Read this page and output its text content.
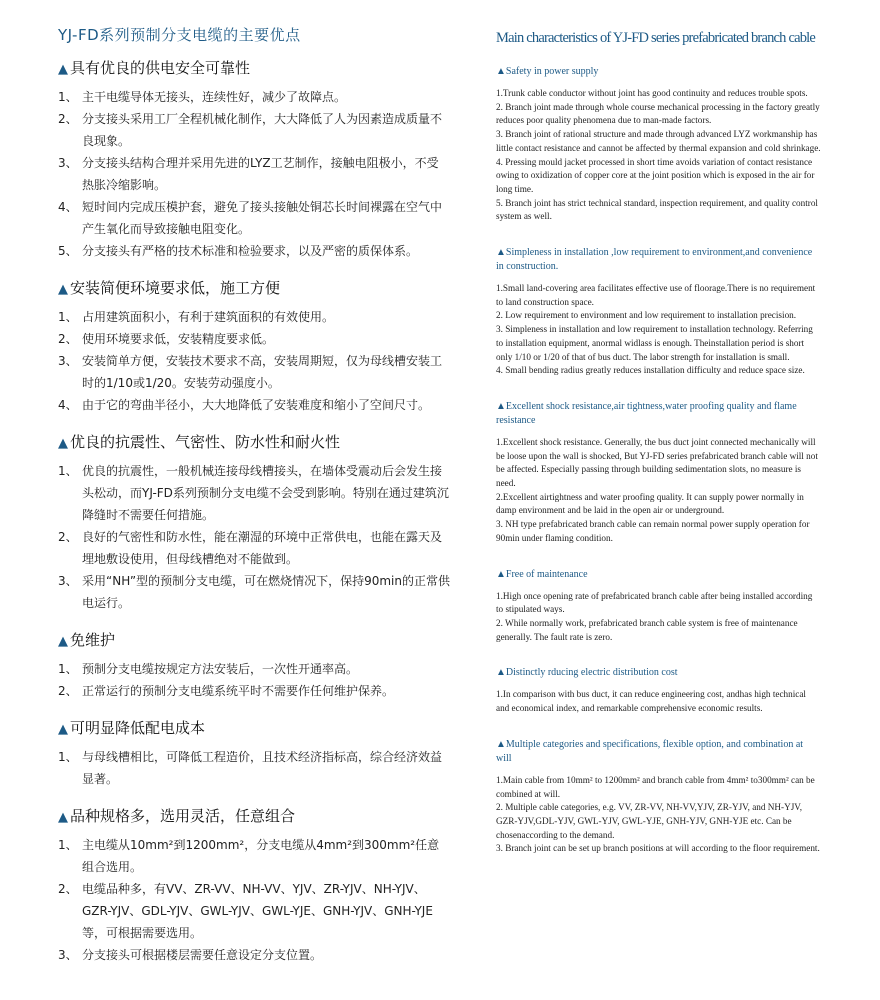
YJ-FD系列预制分支电缆的主要优点
▲ 具有优良的供电安全可靠性
1、 主干电缆导体无接头，连续性好，减少了故障点。
2、 分支接头采用工厂全程机械化制作，大大降低了人为因素造成质量不良现象。
3、 分支接头结构合理并采用先进的LYZ工艺制作，接触电阻极小，不受热胀冷缩影响。
4、 短时间内完成压模护套，避免了接头接触处铜芯长时间裸露在空气中产生氧化而导致接触电阻变化。
5、 分支接头有严格的技术标准和检验要求，以及严密的质保体系。
▲ 安装简便环境要求低，施工方便
1、 占用建筑面积小，有利于建筑面积的有效使用。
2、 使用环境要求低，安装精度要求低。
3、 安装简单方便，安装技术要求不高，安装周期短，仅为母线槽安装工时的1/10或1/20。安装劳动强度小。
4、 由于它的弯曲半径小，大大地降低了安装难度和缩小了空间尺寸。
▲ 优良的抗震性、气密性、防水性和耐火性
1、 优良的抗震性，一般机械连接母线槽接头，在墙体受震动后会发生接头松动，而YJ-FD系列预制分支电缆不会受到影响。特别在通过建筑沉降缝时不需要任何措施。
2、 良好的气密性和防水性，能在潮湿的环境中正常供电，也能在露天及埋地敷设使用，但母线槽绝对不能做到。
3、 采用“NH”型的预制分支电缆，可在燃烧情况下，保持90min的正常供电运行。
▲ 免维护
1、 预制分支电缆按规定方法安装后，一次性开通率高。
2、 正常运行的预制分支电缆系统平时不需要作任何维护保养。
▲ 可明显降低配电成本
1、 与母线槽相比，可降低工程造价，且技术经济指标高，综合经济效益显著。
▲ 品种规格多，选用灵活，任意组合
1、 主电缆从10mm²到1200mm²，分支电缆从4mm²到300mm²任意组合选用。
2、 电缆品种多，有VV、ZR-VV、NH-VV、YJV、ZR-YJV、NH-YJV、GZR-YJV、GDL-YJV、GWL-YJV、GWL-YJE、GNH-YJV、GNH-YJE等，可根据需要选用。
3、 分支接头可根据楼层需要任意设定分支位置。
Main characteristics of YJ-FD series prefabricated branch cable
▲Safety in power supply
1.Trunk cable conductor without joint has good continuity and reduces trouble spots.
2. Branch joint made through whole course mechanical processing in the factory greatly reduces poor quality phenomena due to man-made factors.
3. Branch joint of rational structure and made through advanced LYZ workmanship has little contact resistance and cannot be affected by thermal expansion and cold shrinkage.
4. Pressing mould jacket processed in short time avoids variation of contact resistance owing to oxidization of copper core at the joint position which is exposed in the air for long time.
5. Branch joint has strict technical standard, inspection requirement, and quality control system as well.
▲Simpleness in installation ,low requirement to environment,and convenience in construction.
1.Small land-covering area facilitates effective use of floorage.There is no requirement to land construction space.
2. Low requirement to environment and low requirement to installation precision.
3. Simpleness in installation and low requirement to installation technology. Referring to installation equipment, anormal widlass is enough. Theinstallation period is short only 1/10 or 1/20 of that of bus duct. The labor strength for installation is small.
4. Small bending radius greatly reduces installation difficulty and reduce space size.
▲Excellent shock resistance,air tightness,water proofing quality and flame resistance
1.Excellent shock resistance. Generally, the bus duct joint connected mechanically will be loose upon the wall is shocked, But YJ-FD series prefabricated branch cable will not be affected. Especially passing through building sedimentation slots, no measure is need.
2.Excellent airtightness and water proofing quality. It can supply power normally in damp environment and be laid in the open air or underground.
3. NH type prefabricated branch cable can remain normal power supply operation for 90min under flaming condition.
▲Free of maintenance
1.High once opening rate of prefabricated branch cable after being installed according to stipulated ways.
2. While normally work, prefabricated branch cable system is free of maintenance generally. The fault rate is zero.
▲Distinctly rducing electric distribution cost
1.In comparison with bus duct, it can reduce engineering cost, andhas high technical and economical index, and remarkable comprehensive economic results.
▲Multiple categories and specifications, flexible option, and combination at will
1.Main cable from 10mm² to 1200mm² and branch cable from 4mm² to300mm² can be combined at will.
2. Multiple cable categories, e.g. VV, ZR-VV, NH-VV,YJV, ZR-YJV, and NH-YJV, GZR-YJV,GDL-YJV, GWL-YJV, GWL-YJE, GNH-YJV, GNH-YJE etc. Can be chosenaccording to the demand.
3. Branch joint can be set up branch positions at will according to the floor requirement.
